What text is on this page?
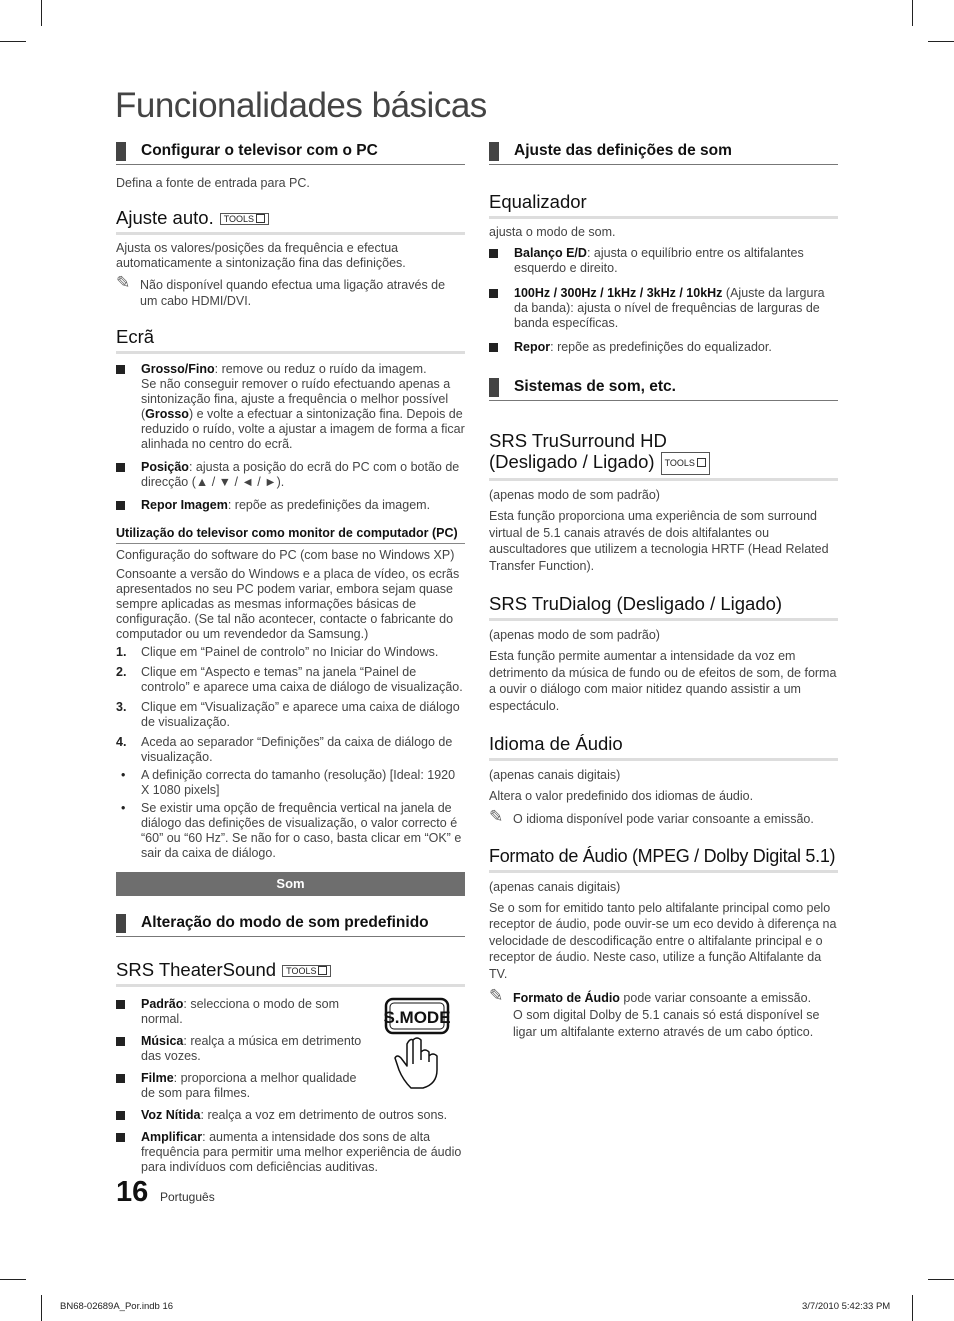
Funcionalidades básicas
Configurar o televisor com o PC

Defina a fonte de entrada para PC.

Ajuste auto. TOOLS

Ajusta os valores/posições da frequência e efectua automaticamente a sintonização fina das definições.

✎ Não disponível quando efectua uma ligação através de um cabo HDMI/DVI.
Ecrã
Grosso/Fino: remove ou reduz o ruído da imagem.
Se não conseguir remover o ruído efectuando apenas a sintonização fina, ajuste a frequência o melhor possível (Grosso) e volte a efectuar a sintonização fina. Depois de reduzido o ruído, volte a ajustar a imagem de forma a ficar alinhada no centro do ecrã.
Posição: ajusta a posição do ecrã do PC com o botão de direcção (▲ / ▼ / ◄ / ►).
Repor Imagem: repõe as predefinições da imagem.
Utilização do televisor como monitor de computador (PC)

Configuração do software do PC (com base no Windows XP)

Consoante a versão do Windows e a placa de vídeo, os ecrãs apresentados no seu PC podem variar, embora sejam quase sempre aplicadas as mesmas informações básicas de configuração. (Se tal não acontecer, contacte o fabricante do computador ou um revendedor da Samsung.)

1. Clique em “Painel de controlo” no Iniciar do Windows.
2. Clique em “Aspecto e temas” na janela “Painel de controlo” e aparece uma caixa de diálogo de visualização.
3. Clique em “Visualização” e aparece uma caixa de diálogo de visualização.
4. Aceda ao separador “Definições” da caixa de diálogo de visualização.
• A definição correcta do tamanho (resolução) [Ideal: 1920 X 1080 pixels]
• Se existir uma opção de frequência vertical na janela de diálogo das definições de visualização, o valor correcto é “60” ou “60 Hz”. Se não for o caso, basta clicar em “OK” e sair da caixa de diálogo.
Som
Alteração do modo de som predefinido
SRS TheaterSound TOOLS
S.MODE
Padrão: selecciona o modo de som normal.
Música: realça a música em detrimento das vozes.
Filme: proporciona a melhor qualidade de som para filmes.
Voz Nítida: realça a voz em detrimento de outros sons.
Amplificar: aumenta a intensidade dos sons de alta frequência para permitir uma melhor experiência de áudio para indivíduos com deficiências auditivas.
Ajuste das definições de som
Equalizador

ajusta o modo de som.

Balanço E/D: ajusta o equilíbrio entre os altifalantes esquerdo e direito.
100Hz / 300Hz / 1kHz / 3kHz / 10kHz (Ajuste da largura da banda): ajusta o nível de frequências de larguras de banda específicas.
Repor: repõe as predefinições do equalizador.
Sistemas de som, etc.
SRS TruSurround HD
(Desligado / Ligado) TOOLS

(apenas modo de som padrão)

Esta função proporciona uma experiência de som surround virtual de 5.1 canais através de dois altifalantes ou auscultadores que utilizem a tecnologia HRTF (Head Related Transfer Function).

SRS TruDialog (Desligado / Ligado)

(apenas modo de som padrão)

Esta função permite aumentar a intensidade da voz em detrimento da música de fundo ou de efeitos de som, de forma a ouvir o diálogo com maior nitidez quando assistir a um espectáculo.

Idioma de Áudio

(apenas canais digitais)

Altera o valor predefinido dos idiomas de áudio.

✎ O idioma disponível pode variar consoante a emissão.
Formato de Áudio (MPEG / Dolby Digital 5.1)

(apenas canais digitais)

Se o som for emitido tanto pelo altifalante principal como pelo receptor de áudio, pode ouvir-se um eco devido à diferença na velocidade de descodificação entre o altifalante principal e o receptor de áudio. Neste caso, utilize a função Altifalante da TV.

✎ Formato de Áudio pode variar consoante a emissão.
O som digital Dolby de 5.1 canais só está disponível se ligar um altifalante externo através de um cabo óptico.
16 Português
BN68-02689A_Por.indb 16	3/7/2010 5:42:33 PM
